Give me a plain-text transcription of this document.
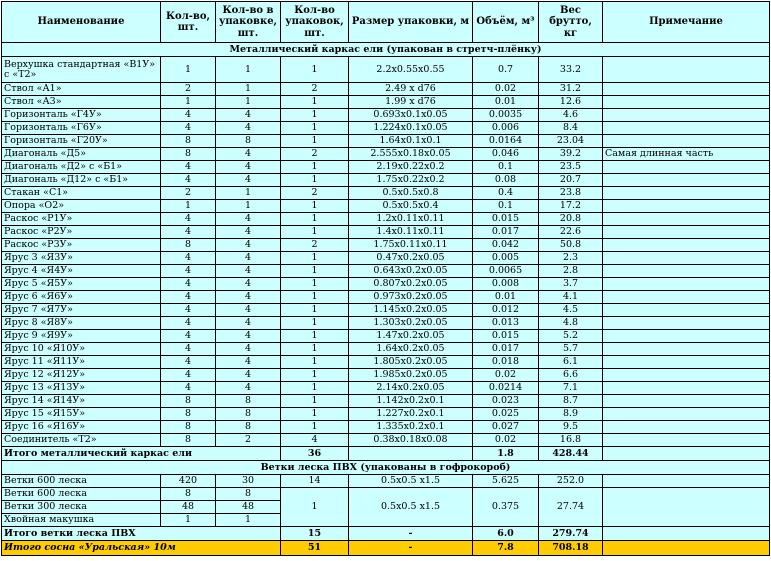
Наименование	Кол-во, шт.	Кол-во в упаковке, шт.	Кол-во упаковок, шт.	Размер упаковки, м	Объём, м³	Вес брутто, кг	Примечание
Металлический каркас ели (упакован в стретч-плёнку)							
Верхушка стандартная «В1У» с «Т2»	1	1	1	2.2х0.55х0.55	0.7	33.2	
Ствол «А1»	2	1	2	2.49 х d76	0.02	31.2	
Ствол «А3»	1	1	1	1.99 х d76	0.01	12.6	
Горизонталь «Г4У»	4	4	1	0.693х0.1х0.05	0.0035	4.6	
Горизонталь «Г6У»	4	4	1	1.224х0.1х0.05	0.006	8.4	
Горизонталь «Г20У»	8	8	1	1.64х0.1х0.1	0.0164	23.04	
Диагональ «Д5»	8	4	2	2.555х0.18х0.05	0.046	39.2	Самая длинная часть
Диагональ «Д2» с «Б1»	4	4	1	2.19х0.22х0.2	0.1	23.5	
Диагональ «Д12» с «Б1»	4	4	1	1.75х0.22х0.2	0.08	20.7	
Стакан «С1»	2	1	2	0.5х0.5х0.8	0.4	23.8	
Опора «О2»	1	1	1	0.5х0.5х0.4	0.1	17.2	
Раскос «Р1У»	4	4	1	1.2х0.11х0.11	0.015	20.8	
Раскос «Р2У»	4	4	1	1.4х0.11х0.11	0.017	22.6	
Раскос «Р3У»	8	4	2	1.75х0.11х0.11	0.042	50.8	
Ярус 3 «Я3У»	4	4	1	0.47х0.2х0.05	0.005	2.3	
Ярус 4 «Я4У»	4	4	1	0.643х0.2х0.05	0.0065	2.8	
Ярус 5 «Я5У»	4	4	1	0.807х0.2х0.05	0.008	3.7	
Ярус 6 «Я6У»	4	4	1	0.973х0.2х0.05	0.01	4.1	
Ярус 7 «Я7У»	4	4	1	1.145х0.2х0.05	0.012	4.5	
Ярус 8 «Я8У»	4	4	1	1.303х0.2х0.05	0.013	4.8	
Ярус 9 «Я9У»	4	4	1	1.47х0.2х0.05	0.015	5.2	
Ярус 10 «Я10У»	4	4	1	1.64х0.2х0.05	0.017	5.7	
Ярус 11 «Я11У»	4	4	1	1.805х0.2х0.05	0.018	6.1	
Ярус 12 «Я12У»	4	4	1	1.985х0.2х0.05	0.02	6.6	
Ярус 13 «Я13У»	4	4	1	2.14х0.2х0.05	0.0214	7.1	
Ярус 14 «Я14У»	8	8	1	1.142х0.2х0.1	0.023	8.7	
Ярус 15 «Я15У»	8	8	1	1.227х0.2х0.1	0.025	8.9	
Ярус 16 «Я16У»	8	8	1	1.335х0.2х0.1	0.027	9.5	
Соединитель «Т2»	8	2	4	0.38х0.18х0.08	0.02	16.8	
Итого металлический каркас ели			36		1.8	428.44	
Ветки леска ПВХ (упакованы в гофрокороб)							
Ветки 600 леска	420	30	14	0.5х0.5 х1.5	5.625	252.0	
Ветки 600 леска	8	8	1	0.5х0.5 х1.5	0.375	27.74	
Ветки 300 леска	48	48					
Хвойная макушка	1	1					
Итого ветки леска ПВХ			15	-	6.0	279.74	
Итого сосна «Уральская» 10м			51	-	7.8	708.18	
